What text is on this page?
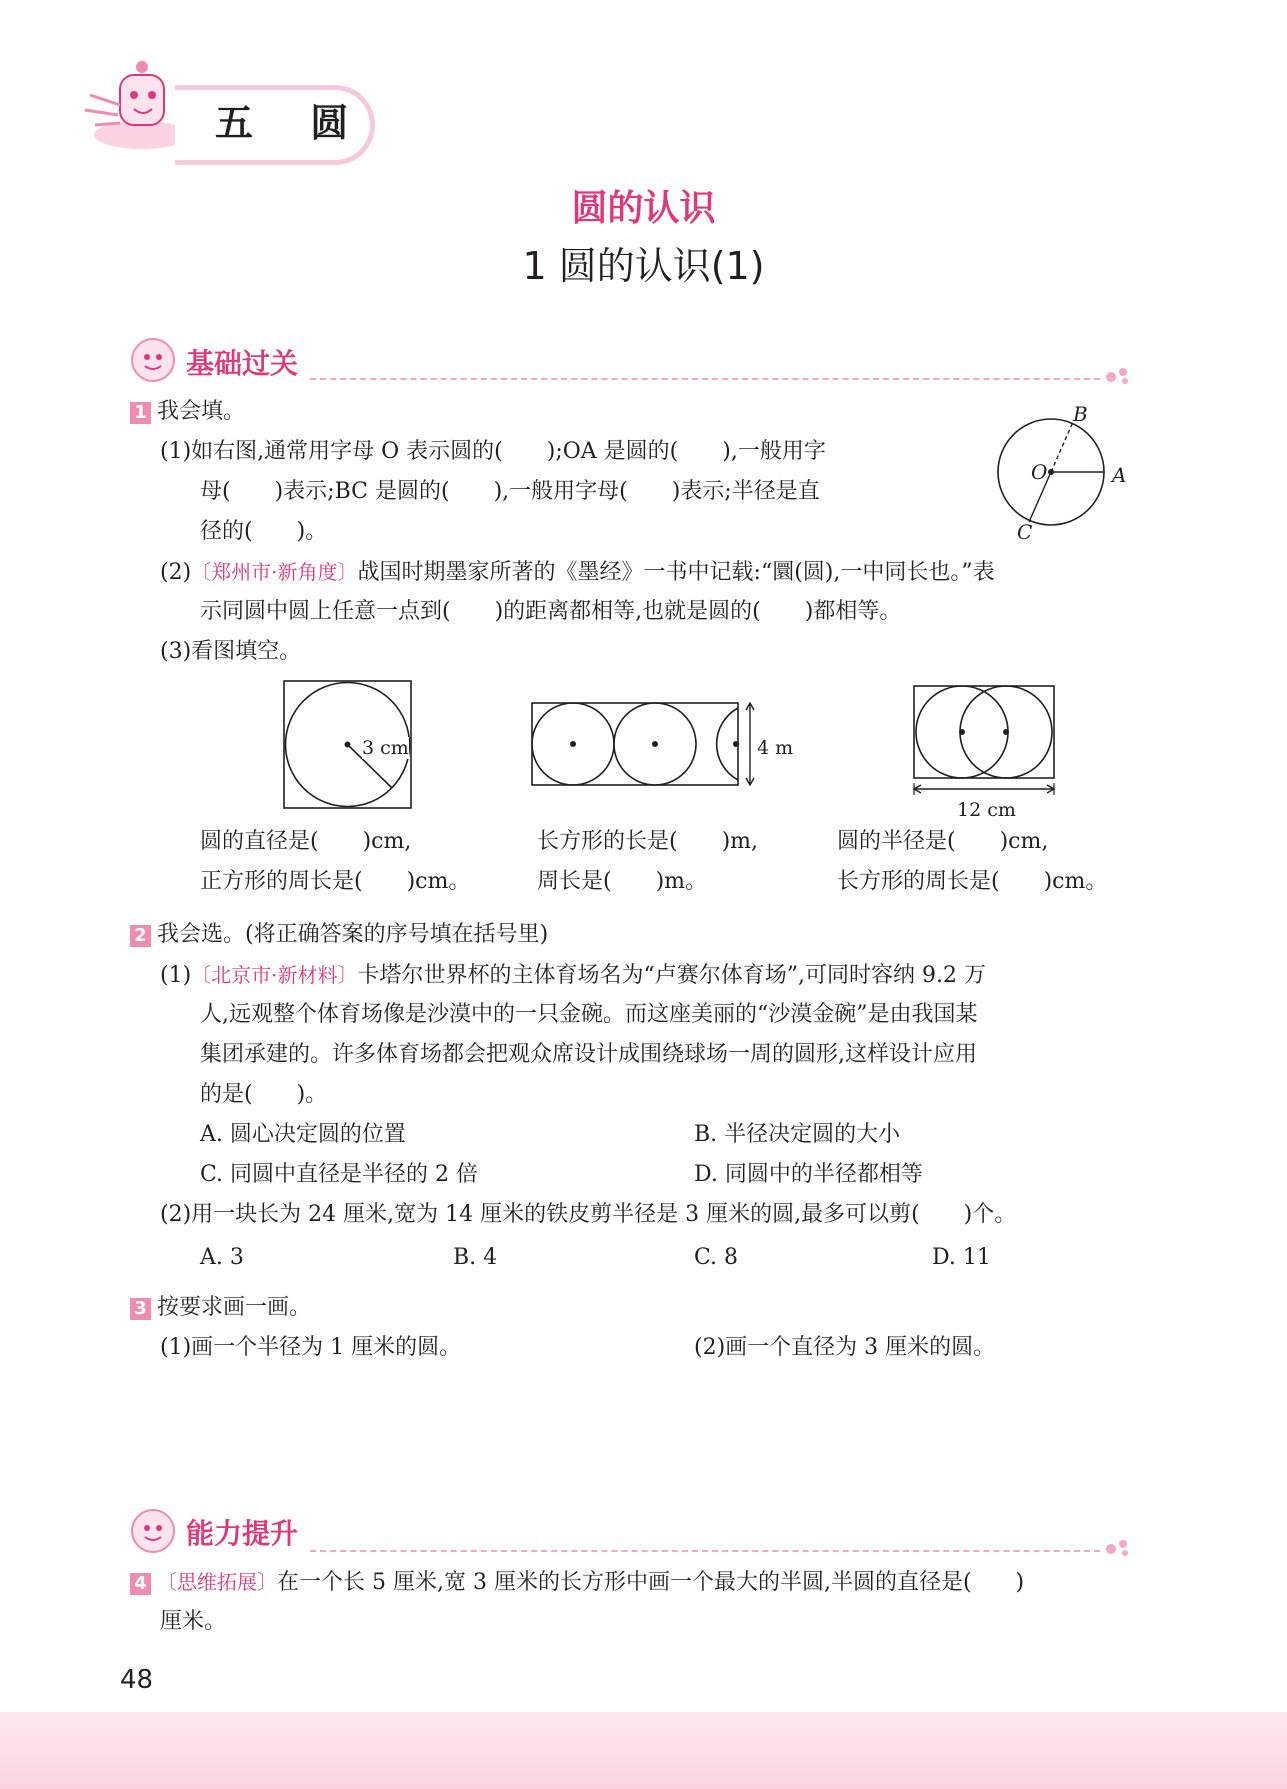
五 圆
圆的认识
1 圆的认识(1)
基础过关
1 我会填。
(1)如右图,通常用字母 O 表示圆的(　　);OA 是圆的(　　),一般用字
母(　　)表示;BC 是圆的(　　),一般用字母(　　)表示;半径是直
径的(　　)。
B
O	A
C
(2)〔郑州市·新角度〕战国时期墨家所著的《墨经》一书中记载:“圜(圆),一中同长也。”表
示同圆中圆上任意一点到(　　)的距离都相等,也就是圆的(　　)都相等。
(3)看图填空。
3 cm	4 m
12 cm
圆的直径是(　　)cm,
正方形的周长是(　　)cm。
长方形的长是(　　)m,
周长是(　　)m。
圆的半径是(　　)cm,
长方形的周长是(　　)cm。
2 我会选。(将正确答案的序号填在括号里)
(1)〔北京市·新材料〕卡塔尔世界杯的主体育场名为“卢赛尔体育场”,可同时容纳 9.2 万
人,远观整个体育场像是沙漠中的一只金碗。而这座美丽的“沙漠金碗”是由我国某
集团承建的。许多体育场都会把观众席设计成围绕球场一周的圆形,这样设计应用
的是(　　)。
A. 圆心决定圆的位置	B. 半径决定圆的大小
C. 同圆中直径是半径的 2 倍	D. 同圆中的半径都相等
(2)用一块长为 24 厘米,宽为 14 厘米的铁皮剪半径是 3 厘米的圆,最多可以剪(　　)个。
A. 3	B. 4	C. 8	D. 11
3 按要求画一画。
(1)画一个半径为 1 厘米的圆。	(2)画一个直径为 3 厘米的圆。
能力提升
4 〔思维拓展〕在一个长 5 厘米,宽 3 厘米的长方形中画一个最大的半圆,半圆的直径是(　　)
厘米。
48
